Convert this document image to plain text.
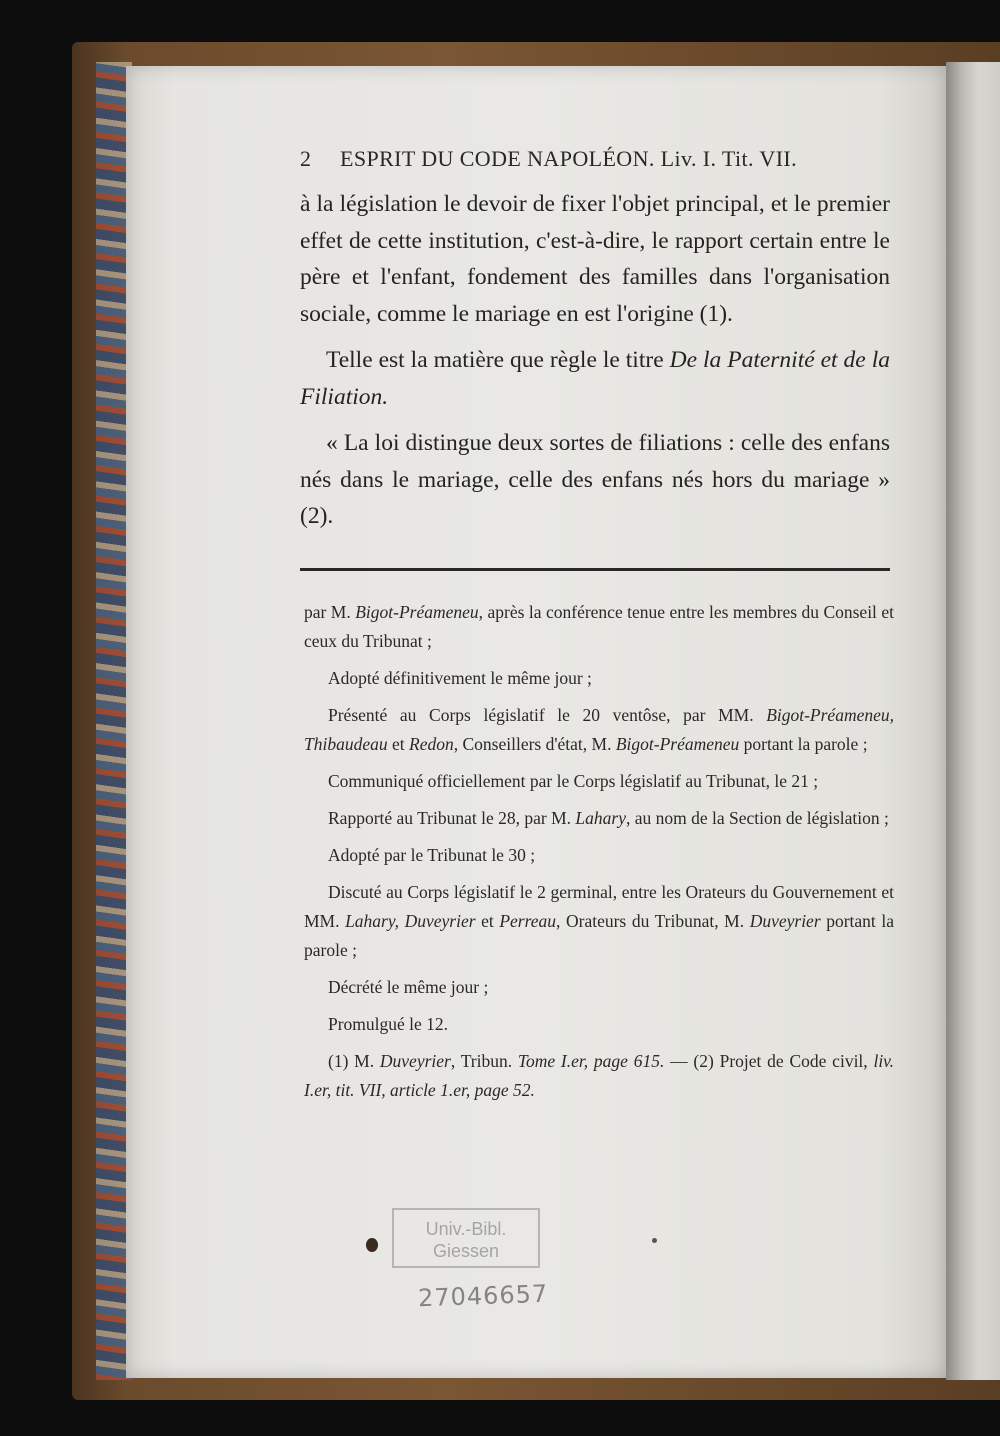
2 ESPRIT DU CODE NAPOLÉON. Liv. I. Tit. VII.

à la législation le devoir de fixer l'objet principal, et le premier effet de cette institution, c'est-à-dire, le rapport certain entre le père et l'enfant, fondement des familles dans l'organisation sociale, comme le mariage en est l'origine (1).

Telle est la matière que règle le titre De la Paternité et de la Filiation.

« La loi distingue deux sortes de filiations : celle des enfans nés dans le mariage, celle des enfans nés hors du mariage » (2).

par M. Bigot-Préameneu, après la conférence tenue entre les membres du Conseil et ceux du Tribunat ;

Adopté définitivement le même jour ;

Présenté au Corps législatif le 20 ventôse, par MM. Bigot-Préameneu, Thibaudeau et Redon, Conseillers d'état, M. Bigot-Préameneu portant la parole ;

Communiqué officiellement par le Corps législatif au Tribunat, le 21 ;

Rapporté au Tribunat le 28, par M. Lahary, au nom de la Section de législation ;

Adopté par le Tribunat le 30 ;

Discuté au Corps législatif le 2 germinal, entre les Orateurs du Gouvernement et MM. Lahary, Duveyrier et Perreau, Orateurs du Tribunat, M. Duveyrier portant la parole ;

Décrété le même jour ;

Promulgué le 12.

(1) M. Duveyrier, Tribun. Tome I.er, page 615. — (2) Projet de Code civil, liv. I.er, tit. VII, article 1.er, page 52.

Univ.-Bibl.
Giessen
27046657
